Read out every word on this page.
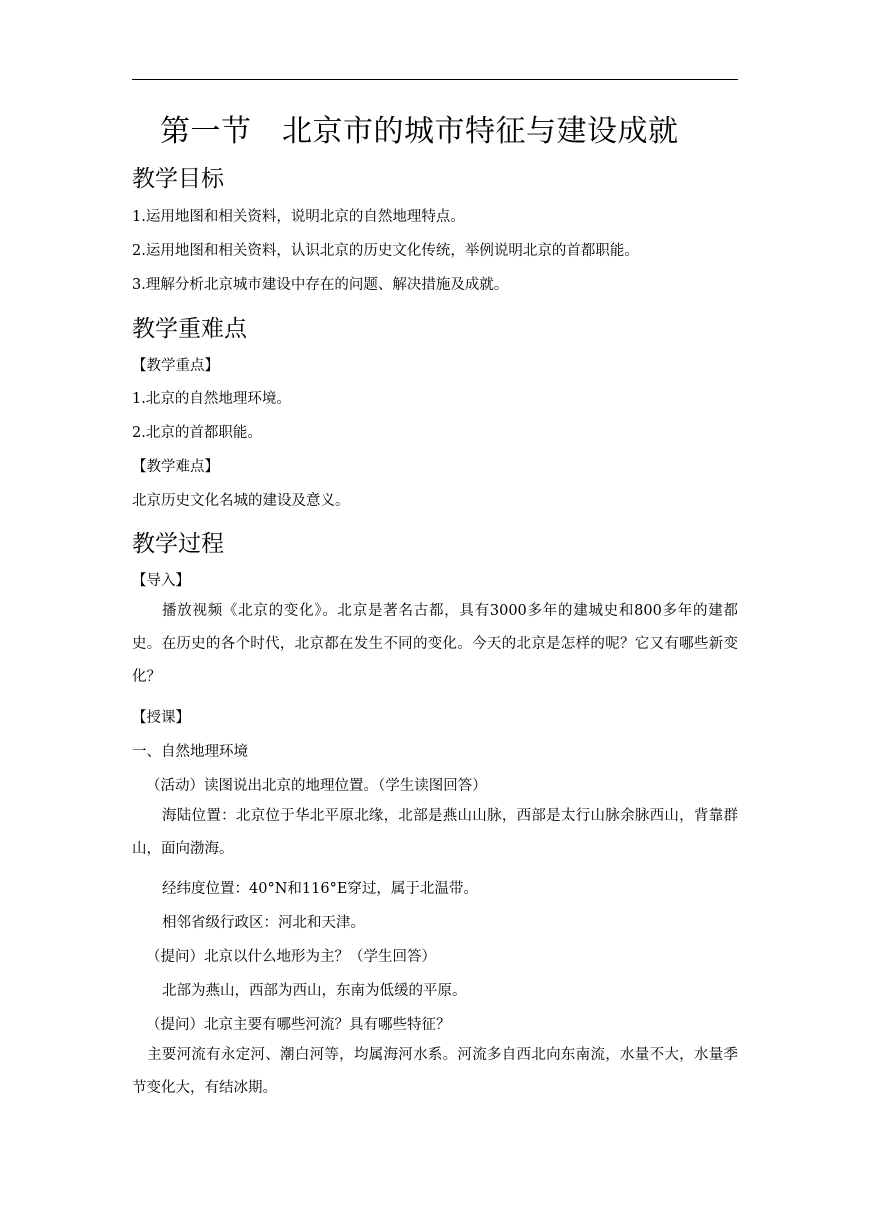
第一节　北京市的城市特征与建设成就
教学目标
1.运用地图和相关资料，说明北京的自然地理特点。
2.运用地图和相关资料，认识北京的历史文化传统，举例说明北京的首都职能。
3.理解分析北京城市建设中存在的问题、解决措施及成就。
教学重难点
【教学重点】
1.北京的自然地理环境。
2.北京的首都职能。
【教学难点】
北京历史文化名城的建设及意义。
教学过程
【导入】
播放视频《北京的变化》。北京是著名古都，具有3000多年的建城史和800多年的建都史。在历史的各个时代，北京都在发生不同的变化。今天的北京是怎样的呢？它又有哪些新变化？
【授课】
一、自然地理环境
（活动）读图说出北京的地理位置。（学生读图回答）
海陆位置：北京位于华北平原北缘，北部是燕山山脉，西部是太行山脉余脉西山，背靠群山，面向渤海。
经纬度位置：40°N和116°E穿过，属于北温带。
相邻省级行政区：河北和天津。
（提问）北京以什么地形为主？（学生回答）
北部为燕山，西部为西山，东南为低缓的平原。
（提问）北京主要有哪些河流？具有哪些特征？
主要河流有永定河、潮白河等，均属海河水系。河流多自西北向东南流，水量不大，水量季节变化大，有结冰期。
